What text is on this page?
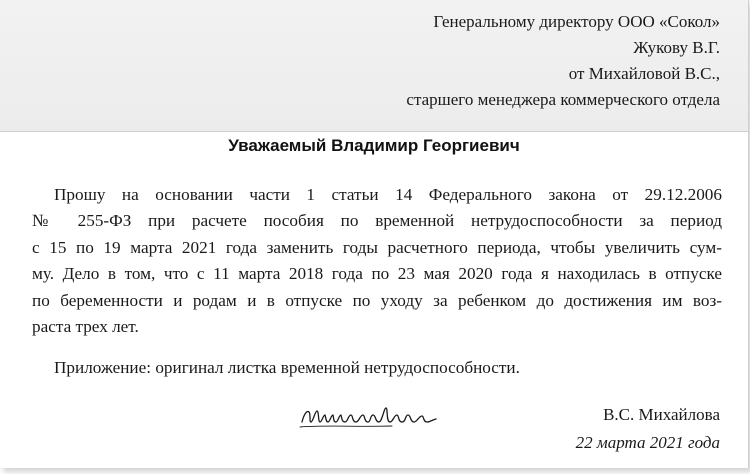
Генеральному директору ООО «Сокол»
Жукову В.Г.
от Михайловой В.С.,
старшего менеджера коммерческого отдела
Уважаемый Владимир Георгиевич
Прошу на основании части 1 статьи 14 Федерального закона от 29.12.2006
№ 255-ФЗ при расчете пособия по временной нетрудоспособности за период
с 15 по 19 марта 2021 года заменить годы расчетного периода, чтобы увеличить сум-
му. Дело в том, что с 11 марта 2018 года по 23 мая 2020 года я находилась в отпуске
по беременности и родам и в отпуске по уходу за ребенком до достижения им воз-
раста трех лет.
Приложение: оригинал листка временной нетрудоспособности.
В.С. Михайлова
22 марта 2021 года
